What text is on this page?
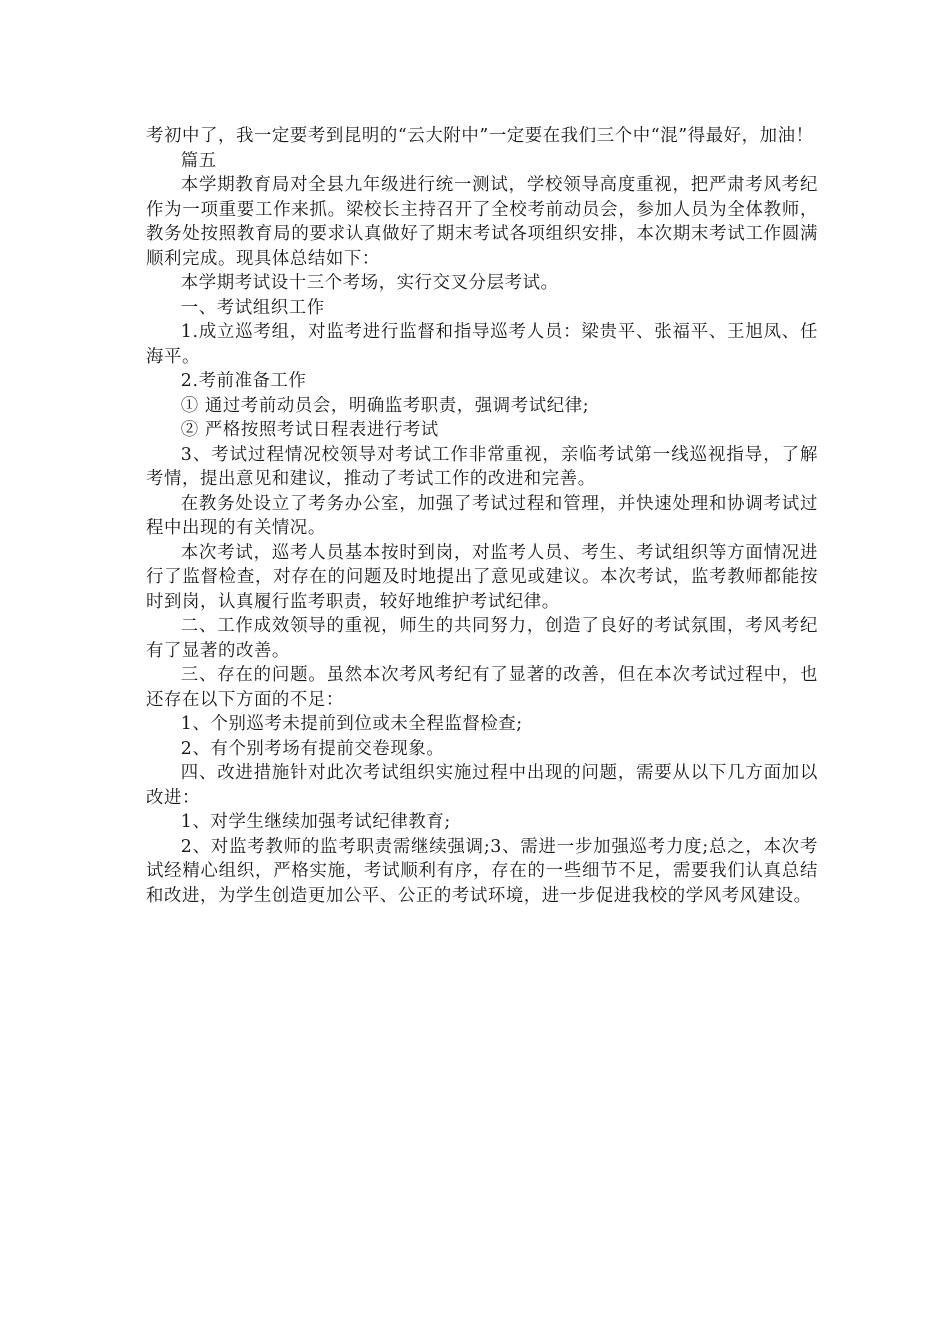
考初中了，我一定要考到昆明的“云大附中”一定要在我们三个中“混”得最好，加油！

篇五

本学期教育局对全县九年级进行统一测试，学校领导高度重视，把严肃考风考纪作为一项重要工作来抓。梁校长主持召开了全校考前动员会，参加人员为全体教师，教务处按照教育局的要求认真做好了期末考试各项组织安排，本次期末考试工作圆满顺利完成。现具体总结如下：

本学期考试设十三个考场，实行交叉分层考试。

一、考试组织工作

1.成立巡考组，对监考进行监督和指导巡考人员：梁贵平、张福平、王旭凤、任海平。

2.考前准备工作

① 通过考前动员会，明确监考职责，强调考试纪律;

② 严格按照考试日程表进行考试

3、考试过程情况校领导对考试工作非常重视，亲临考试第一线巡视指导，了解考情，提出意见和建议，推动了考试工作的改进和完善。

在教务处设立了考务办公室，加强了考试过程和管理，并快速处理和协调考试过程中出现的有关情况。

本次考试，巡考人员基本按时到岗，对监考人员、考生、考试组织等方面情况进行了监督检查，对存在的问题及时地提出了意见或建议。本次考试，监考教师都能按时到岗，认真履行监考职责，较好地维护考试纪律。

二、工作成效领导的重视，师生的共同努力，创造了良好的考试氛围，考风考纪有了显著的改善。

三、存在的问题。虽然本次考风考纪有了显著的改善，但在本次考试过程中，也还存在以下方面的不足：

1、个别巡考未提前到位或未全程监督检查;

2、有个别考场有提前交卷现象。

四、改进措施针对此次考试组织实施过程中出现的问题，需要从以下几方面加以改进：

1、对学生继续加强考试纪律教育;

2、对监考教师的监考职责需继续强调;3、需进一步加强巡考力度;总之，本次考试经精心组织，严格实施，考试顺利有序，存在的一些细节不足，需要我们认真总结和改进，为学生创造更加公平、公正的考试环境，进一步促进我校的学风考风建设。
